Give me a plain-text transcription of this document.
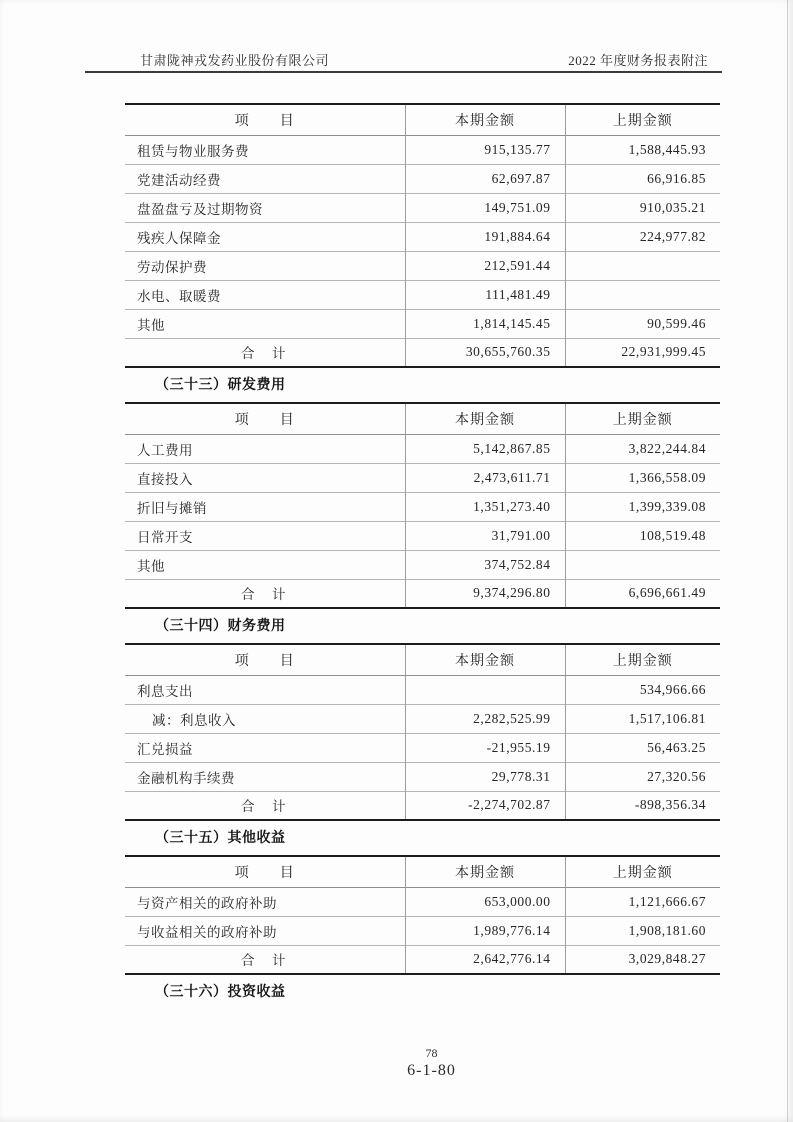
甘肃陇神戎发药业股份有限公司	2022 年度财务报表附注
项　　目	本期金额	上期金额
租赁与物业服务费	915,135.77	1,588,445.93
党建活动经费	62,697.87	66,916.85
盘盈盘亏及过期物资	149,751.09	910,035.21
残疾人保障金	191,884.64	224,977.82
劳动保护费	212,591.44	
水电、取暖费	111,481.49	
其他	1,814,145.45	90,599.46
合　计	30,655,760.35	22,931,999.45
（三十三）研发费用
项　　目	本期金额	上期金额
人工费用	5,142,867.85	3,822,244.84
直接投入	2,473,611.71	1,366,558.09
折旧与摊销	1,351,273.40	1,399,339.08
日常开支	31,791.00	108,519.48
其他	374,752.84	
合　计	9,374,296.80	6,696,661.49
（三十四）财务费用
项　　目	本期金额	上期金额
利息支出		534,966.66
减：利息收入	2,282,525.99	1,517,106.81
汇兑损益	-21,955.19	56,463.25
金融机构手续费	29,778.31	27,320.56
合　计	-2,274,702.87	-898,356.34
（三十五）其他收益
项　　目	本期金额	上期金额
与资产相关的政府补助	653,000.00	1,121,666.67
与收益相关的政府补助	1,989,776.14	1,908,181.60
合　计	2,642,776.14	3,029,848.27
（三十六）投资收益
78
6-1-80
